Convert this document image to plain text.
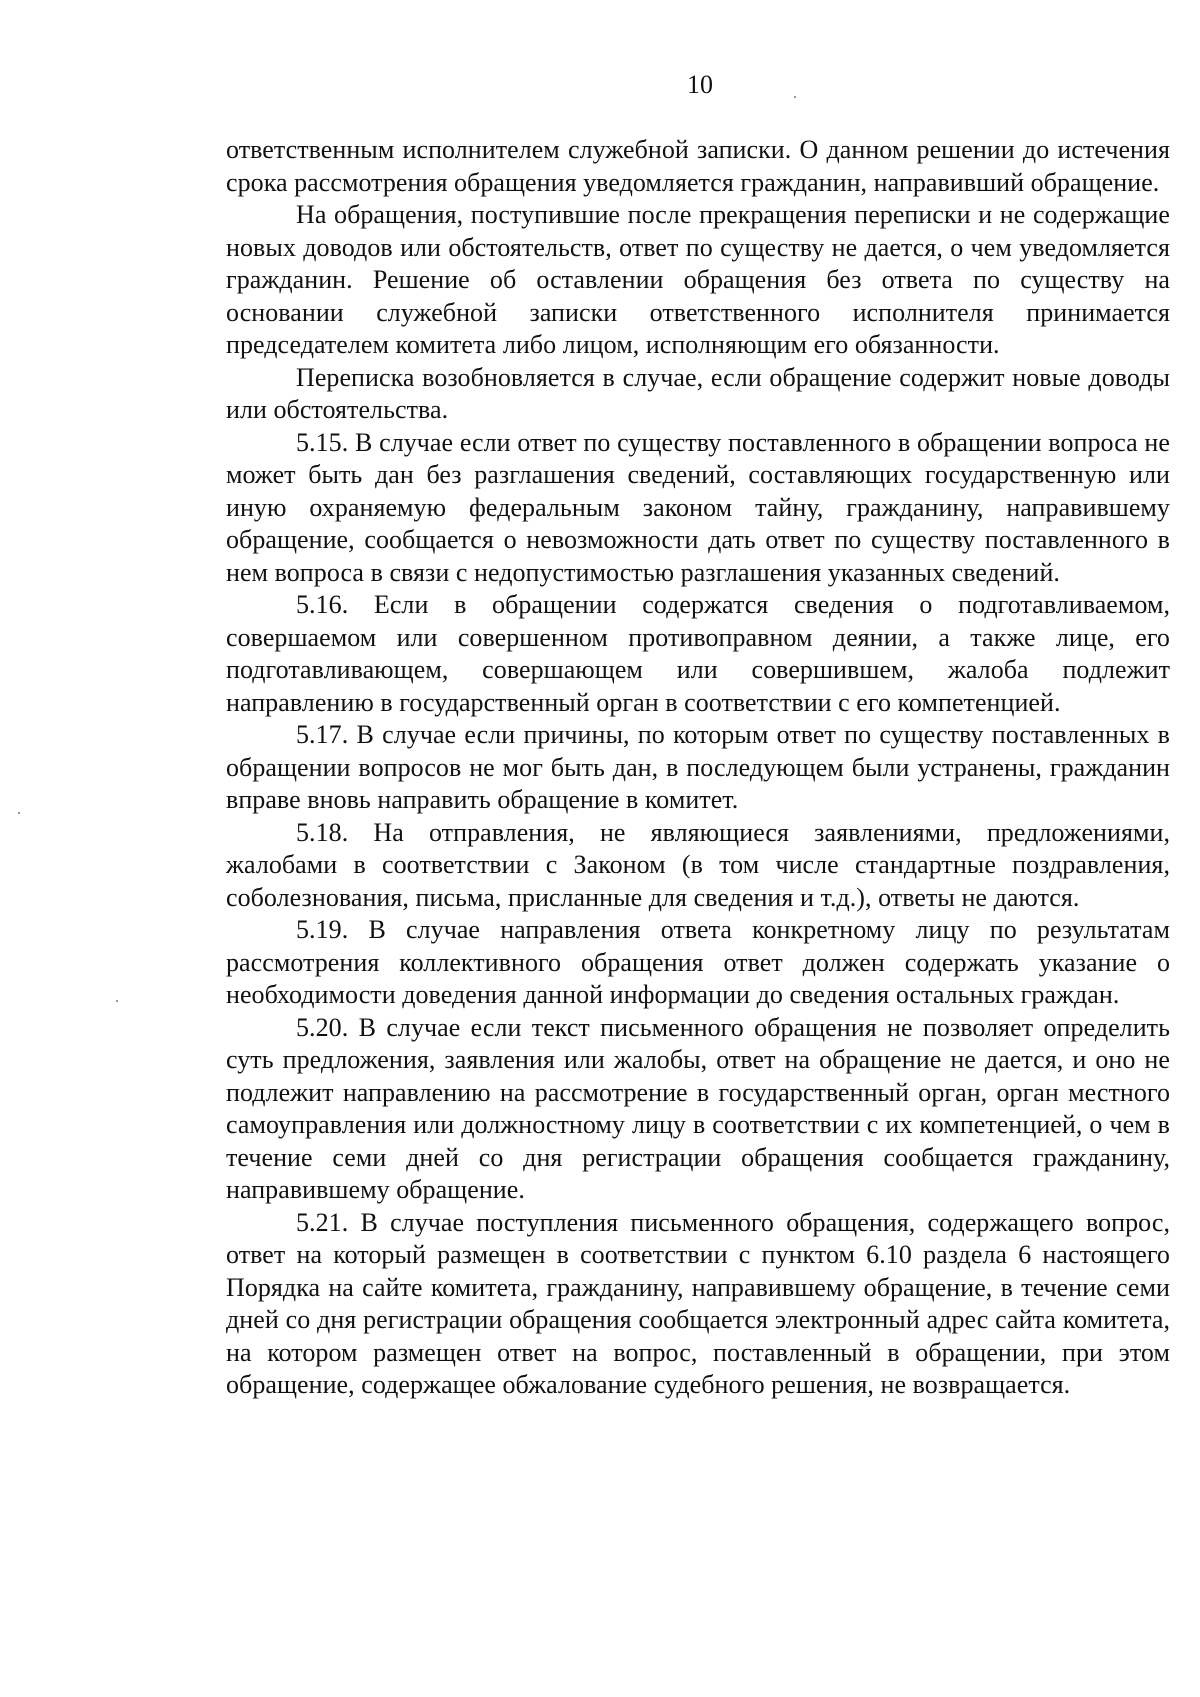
10

ответственным исполнителем служебной записки. О данном решении до истечения срока рассмотрения обращения уведомляется гражданин, направивший обращение.

На обращения, поступившие после прекращения переписки и не содержащие новых доводов или обстоятельств, ответ по существу не дается, о чем уведомляется гражданин. Решение об оставлении обращения без ответа по существу на основании служебной записки ответственного исполнителя принимается председателем комитета либо лицом, исполняющим его обязанности.

Переписка возобновляется в случае, если обращение содержит новые доводы или обстоятельства.

5.15. В случае если ответ по существу поставленного в обращении вопроса не может быть дан без разглашения сведений, составляющих государственную или иную охраняемую федеральным законом тайну, гражданину, направившему обращение, сообщается о невозможности дать ответ по существу поставленного в нем вопроса в связи с недопустимостью разглашения указанных сведений.

5.16. Если в обращении содержатся сведения о подготавливаемом, совершаемом или совершенном противоправном деянии, а также лице, его подготавливающем, совершающем или совершившем, жалоба подлежит направлению в государственный орган в соответствии с его компетенцией.

5.17. В случае если причины, по которым ответ по существу поставленных в обращении вопросов не мог быть дан, в последующем были устранены, гражданин вправе вновь направить обращение в комитет.

5.18. На отправления, не являющиеся заявлениями, предложениями, жалобами в соответствии с Законом (в том числе стандартные поздравления, соболезнования, письма, присланные для сведения и т.д.), ответы не даются.

5.19. В случае направления ответа конкретному лицу по результатам рассмотрения коллективного обращения ответ должен содержать указание о необходимости доведения данной информации до сведения остальных граждан.

5.20. В случае если текст письменного обращения не позволяет определить суть предложения, заявления или жалобы, ответ на обращение не дается, и оно не подлежит направлению на рассмотрение в государственный орган, орган местного самоуправления или должностному лицу в соответствии с их компетенцией, о чем в течение семи дней со дня регистрации обращения сообщается гражданину, направившему обращение.

5.21. В случае поступления письменного обращения, содержащего вопрос, ответ на который размещен в соответствии с пунктом 6.10 раздела 6 настоящего Порядка на сайте комитета, гражданину, направившему обращение, в течение семи дней со дня регистрации обращения сообщается электронный адрес сайта комитета, на котором размещен ответ на вопрос, поставленный в обращении, при этом обращение, содержащее обжалование судебного решения, не возвращается.
